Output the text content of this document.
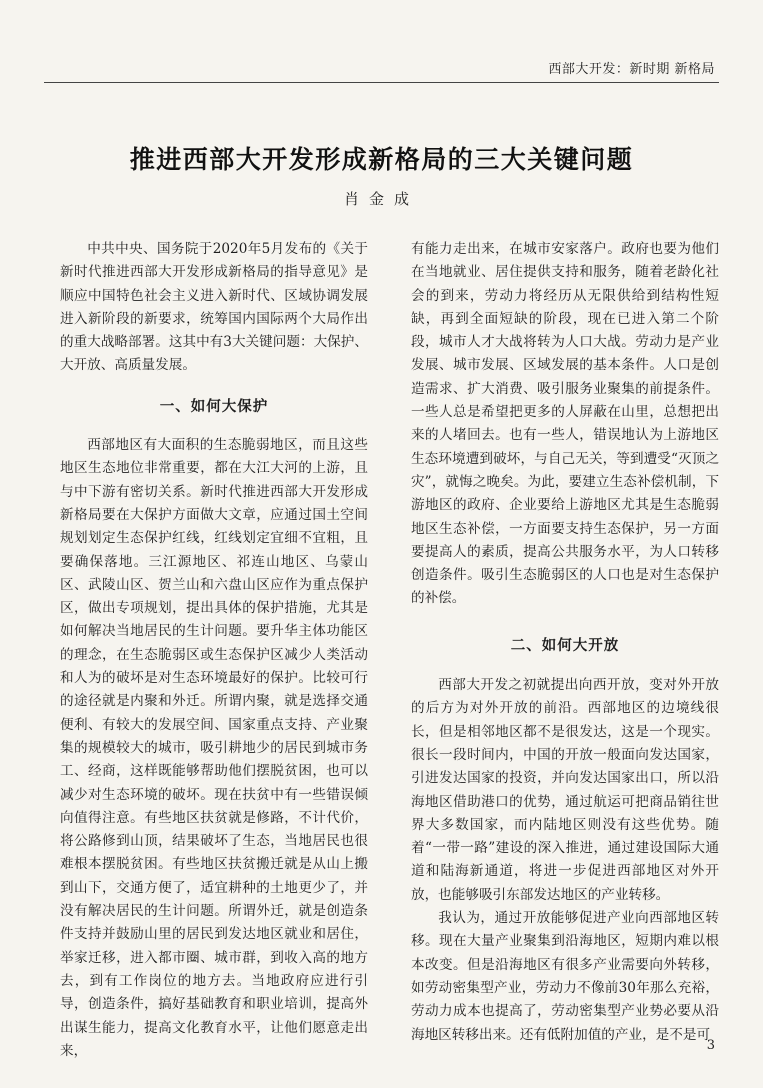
西部大开发：新时期 新格局
推进西部大开发形成新格局的三大关键问题
肖金成

中共中央、国务院于2020年5月发布的《关于新时代推进西部大开发形成新格局的指导意见》是顺应中国特色社会主义进入新时代、区域协调发展进入新阶段的新要求，统筹国内国际两个大局作出的重大战略部署。这其中有3大关键问题：大保护、大开放、高质量发展。

一、如何大保护

西部地区有大面积的生态脆弱地区，而且这些地区生态地位非常重要，都在大江大河的上游，且与中下游有密切关系。新时代推进西部大开发形成新格局要在大保护方面做大文章，应通过国土空间规划划定生态保护红线，红线划定宜细不宜粗，且要确保落地。三江源地区、祁连山地区、乌蒙山区、武陵山区、贺兰山和六盘山区应作为重点保护区，做出专项规划，提出具体的保护措施，尤其是如何解决当地居民的生计问题。要升华主体功能区的理念，在生态脆弱区或生态保护区减少人类活动和人为的破坏是对生态环境最好的保护。比较可行的途径就是内聚和外迁。所谓内聚，就是选择交通便利、有较大的发展空间、国家重点支持、产业聚集的规模较大的城市，吸引耕地少的居民到城市务工、经商，这样既能够帮助他们摆脱贫困，也可以减少对生态环境的破坏。现在扶贫中有一些错误倾向值得注意。有些地区扶贫就是修路，不计代价，将公路修到山顶，结果破坏了生态，当地居民也很难根本摆脱贫困。有些地区扶贫搬迁就是从山上搬到山下，交通方便了，适宜耕种的土地更少了，并没有解决居民的生计问题。所谓外迁，就是创造条件支持并鼓励山里的居民到发达地区就业和居住，举家迁移，进入都市圈、城市群，到收入高的地方去，到有工作岗位的地方去。当地政府应进行引导，创造条件，搞好基础教育和职业培训，提高外出谋生能力，提高文化教育水平，让他们愿意走出来，

有能力走出来，在城市安家落户。政府也要为他们在当地就业、居住提供支持和服务，随着老龄化社会的到来，劳动力将经历从无限供给到结构性短缺，再到全面短缺的阶段，现在已进入第二个阶段，城市人才大战将转为人口大战。劳动力是产业发展、城市发展、区域发展的基本条件。人口是创造需求、扩大消费、吸引服务业聚集的前提条件。一些人总是希望把更多的人屏蔽在山里，总想把出来的人堵回去。也有一些人，错误地认为上游地区生态环境遭到破坏，与自己无关，等到遭受“灭顶之灾”，就悔之晚矣。为此，要建立生态补偿机制，下游地区的政府、企业要给上游地区尤其是生态脆弱地区生态补偿，一方面要支持生态保护，另一方面要提高人的素质，提高公共服务水平，为人口转移创造条件。吸引生态脆弱区的人口也是对生态保护的补偿。

二、如何大开放

西部大开发之初就提出向西开放，变对外开放的后方为对外开放的前沿。西部地区的边境线很长，但是相邻地区都不是很发达，这是一个现实。很长一段时间内，中国的开放一般面向发达国家，引进发达国家的投资，并向发达国家出口，所以沿海地区借助港口的优势，通过航运可把商品销往世界大多数国家，而内陆地区则没有这些优势。随着“一带一路”建设的深入推进，通过建设国际大通道和陆海新通道，将进一步促进西部地区对外开放，也能够吸引东部发达地区的产业转移。

我认为，通过开放能够促进产业向西部地区转移。现在大量产业聚集到沿海地区，短期内难以根本改变。但是沿海地区有很多产业需要向外转移，如劳动密集型产业，劳动力不像前30年那么充裕，劳动力成本也提高了，劳动密集型产业势必要从沿海地区转移出来。还有低附加值的产业，是不是可

3
